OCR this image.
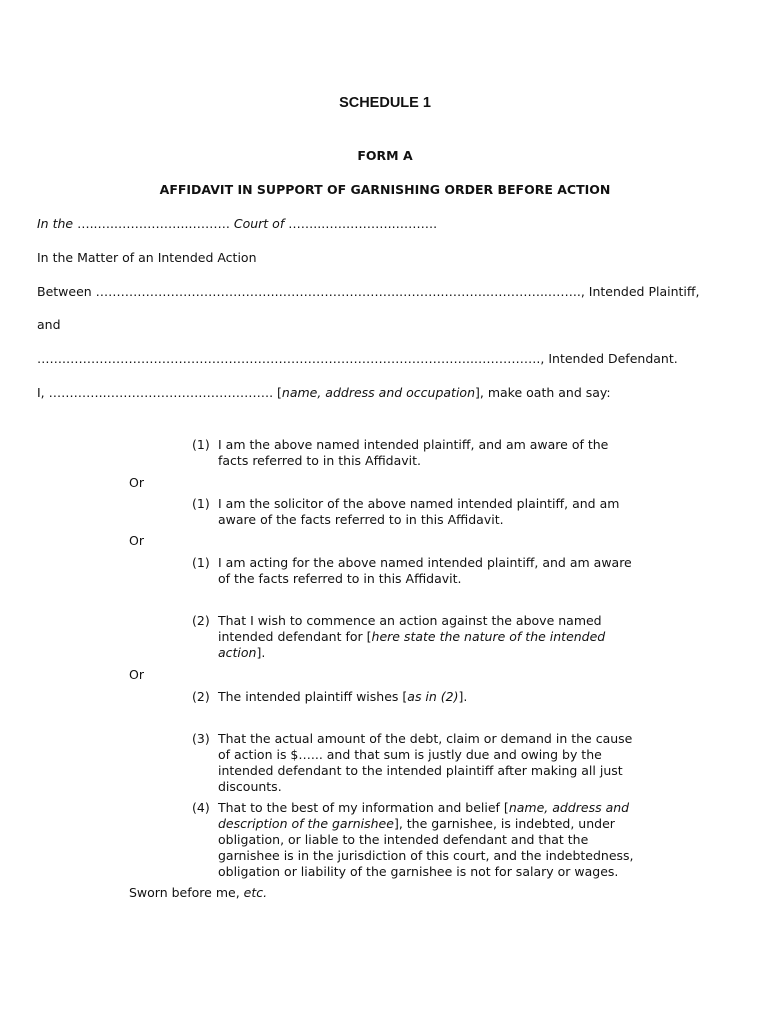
SCHEDULE 1
FORM A
AFFIDAVIT IN SUPPORT OF GARNISHING ORDER BEFORE ACTION
In the …..…..……………..………. Court of ……..…….………..……….
In the Matter of an Intended Action
Between ……………………………………..………………………..………..………..…………..…….., Intended Plaintiff,
and
…….……………………………………………………………………………………..……………., Intended Defendant.
I, …………..…………………………………. [name, address and occupation], make oath and say:
(1) I am the above named intended plaintiff, and am aware of the
facts referred to in this Affidavit.
Or
(1) I am the solicitor of the above named intended plaintiff, and am
aware of the facts referred to in this Affidavit.
Or
(1) I am acting for the above named intended plaintiff, and am aware
of the facts referred to in this Affidavit.
(2) That I wish to commence an action against the above named
intended defendant for [here state the nature of the intended
action].
Or
(2) The intended plaintiff wishes [as in (2)].
(3) That the actual amount of the debt, claim or demand in the cause
of action is $…... and that sum is justly due and owing by the
intended defendant to the intended plaintiff after making all just
discounts.
(4) That to the best of my information and belief [name, address and
description of the garnishee], the garnishee, is indebted, under
obligation, or liable to the intended defendant and that the
garnishee is in the jurisdiction of this court, and the indebtedness,
obligation or liability of the garnishee is not for salary or wages.
Sworn before me, etc.
